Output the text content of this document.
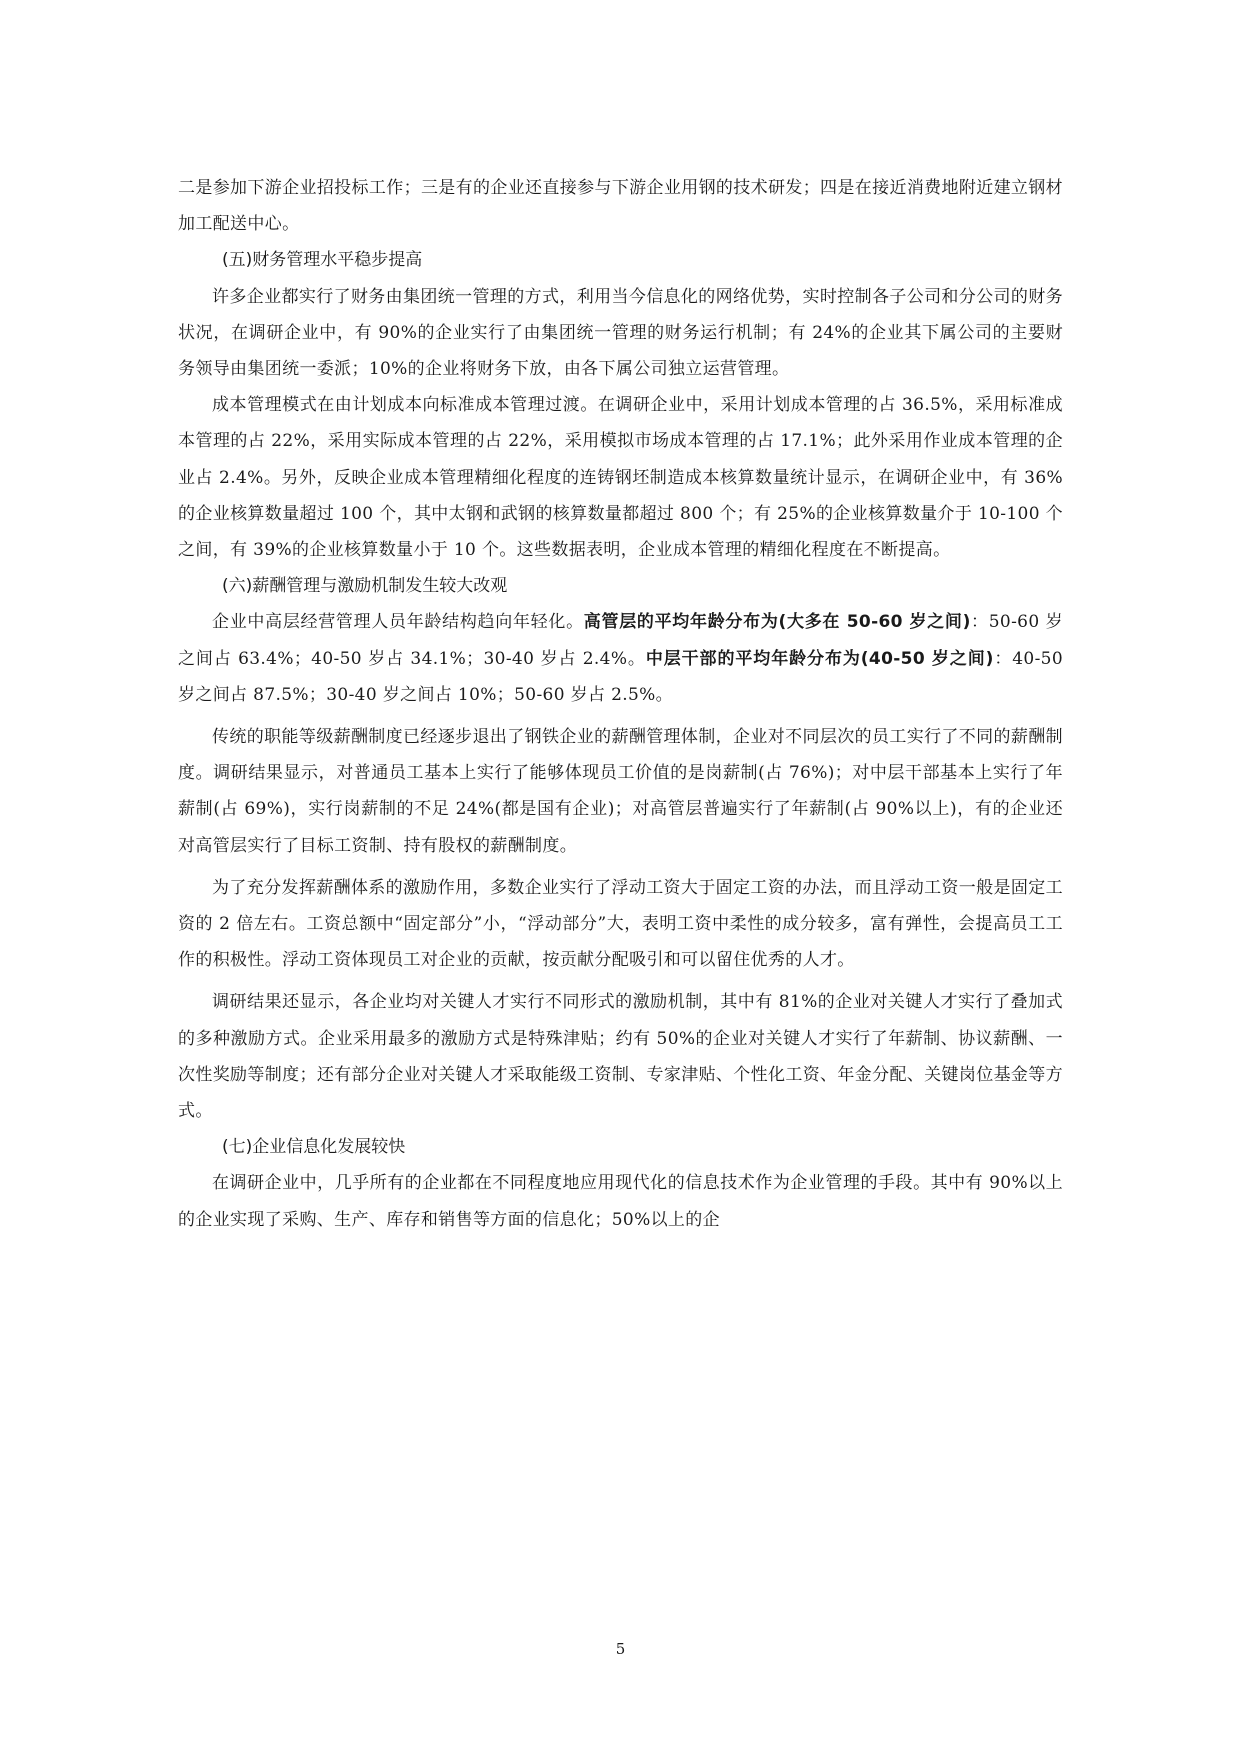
二是参加下游企业招投标工作；三是有的企业还直接参与下游企业用钢的技术研发；四是在接近消费地附近建立钢材加工配送中心。

(五)财务管理水平稳步提高

许多企业都实行了财务由集团统一管理的方式，利用当今信息化的网络优势，实时控制各子公司和分公司的财务状况，在调研企业中，有 90%的企业实行了由集团统一管理的财务运行机制；有 24%的企业其下属公司的主要财务领导由集团统一委派；10%的企业将财务下放，由各下属公司独立运营管理。

成本管理模式在由计划成本向标准成本管理过渡。在调研企业中，采用计划成本管理的占 36.5%，采用标准成本管理的占 22%，采用实际成本管理的占 22%，采用模拟市场成本管理的占 17.1%；此外采用作业成本管理的企业占 2.4%。另外，反映企业成本管理精细化程度的连铸钢坯制造成本核算数量统计显示，在调研企业中，有 36%的企业核算数量超过 100 个，其中太钢和武钢的核算数量都超过 800 个；有 25%的企业核算数量介于 10-100 个之间，有 39%的企业核算数量小于 10 个。这些数据表明，企业成本管理的精细化程度在不断提高。

(六)薪酬管理与激励机制发生较大改观

企业中高层经营管理人员年龄结构趋向年轻化。高管层的平均年龄分布为(大多在 50-60 岁之间)：50-60 岁之间占 63.4%；40-50 岁占 34.1%；30-40 岁占 2.4%。中层干部的平均年龄分布为(40-50 岁之间)：40-50 岁之间占 87.5%；30-40 岁之间占 10%；50-60 岁占 2.5%。

传统的职能等级薪酬制度已经逐步退出了钢铁企业的薪酬管理体制，企业对不同层次的员工实行了不同的薪酬制度。调研结果显示，对普通员工基本上实行了能够体现员工价值的是岗薪制(占 76%)；对中层干部基本上实行了年薪制(占 69%)，实行岗薪制的不足 24%(都是国有企业)；对高管层普遍实行了年薪制(占 90%以上)，有的企业还对高管层实行了目标工资制、持有股权的薪酬制度。

为了充分发挥薪酬体系的激励作用，多数企业实行了浮动工资大于固定工资的办法，而且浮动工资一般是固定工资的 2 倍左右。工资总额中“固定部分”小，“浮动部分”大，表明工资中柔性的成分较多，富有弹性，会提高员工工作的积极性。浮动工资体现员工对企业的贡献，按贡献分配吸引和可以留住优秀的人才。

调研结果还显示，各企业均对关键人才实行不同形式的激励机制，其中有 81%的企业对关键人才实行了叠加式的多种激励方式。企业采用最多的激励方式是特殊津贴；约有 50%的企业对关键人才实行了年薪制、协议薪酬、一次性奖励等制度；还有部分企业对关键人才采取能级工资制、专家津贴、个性化工资、年金分配、关键岗位基金等方式。

(七)企业信息化发展较快

在调研企业中，几乎所有的企业都在不同程度地应用现代化的信息技术作为企业管理的手段。其中有 90%以上的企业实现了采购、生产、库存和销售等方面的信息化；50%以上的企

5
